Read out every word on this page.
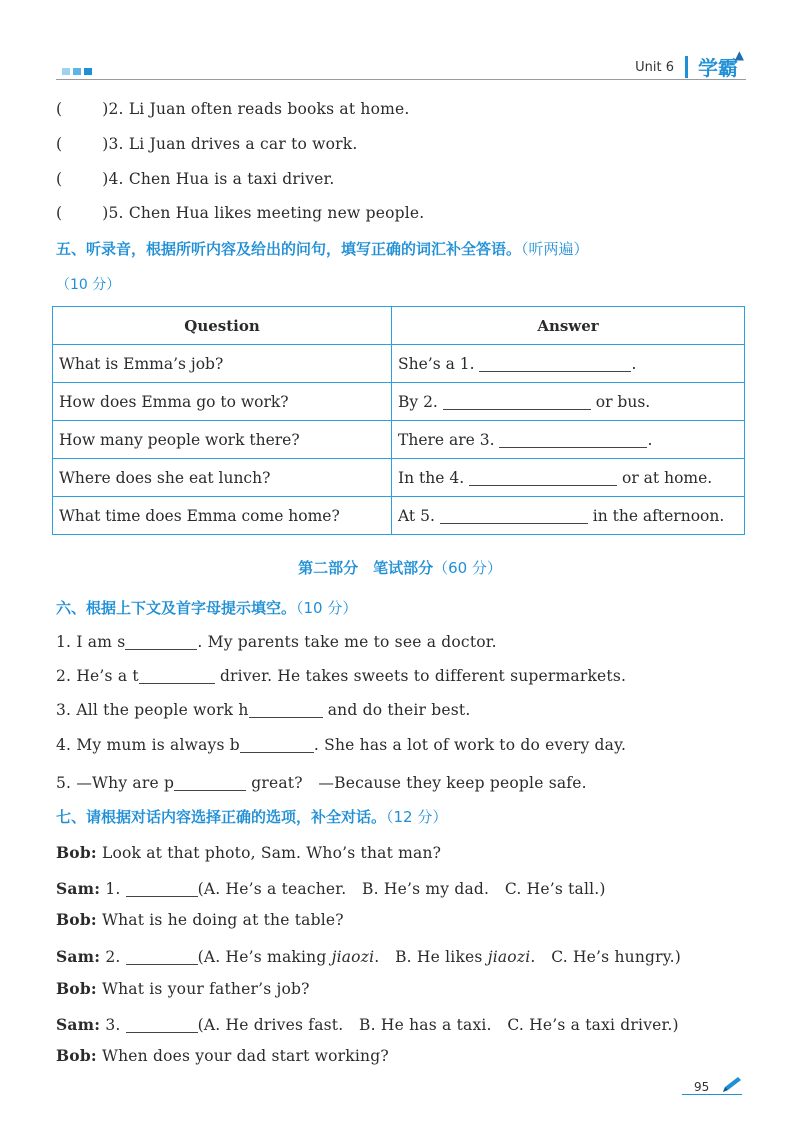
Unit 6 学霸
▲
(	)2. Li Juan often reads books at home.
(	)3. Li Juan drives a car to work.
(	)4. Chen Hua is a taxi driver.
(	)5. Chen Hua likes meeting new people.
五、听录音，根据所听内容及给出的问句，填写正确的词汇补全答语。（听两遍）
（10 分）
Question	Answer
What is Emma’s job?	She’s a 1. .
How does Emma go to work?	By 2. or bus.
How many people work there?	There are 3. .
Where does she eat lunch?	In the 4. or at home.
What time does Emma come home?	At 5. in the afternoon.
第二部分　笔试部分（60 分）
六、根据上下文及首字母提示填空。（10 分）
1. I am s	. My parents take me to see a doctor.
2. He’s a t	driver. He takes sweets to different supermarkets.
3. All the people work h	and do their best.
4. My mum is always b	. She has a lot of work to do every day.
5. —Why are p	great?　—Because they keep people safe.
七、请根据对话内容选择正确的选项，补全对话。（12 分）
Bob: Look at that photo, Sam. Who’s that man?
Sam: 1.	(A. He’s a teacher.　B. He’s my dad.　C. He’s tall.)
Bob: What is he doing at the table?
Sam: 2.	(A. He’s making jiaozi.　B. He likes jiaozi.　C. He’s hungry.)
Bob: What is your father’s job?
Sam: 3.	(A. He drives fast.　B. He has a taxi.　C. He’s a taxi driver.)
Bob: When does your dad start working?
95
